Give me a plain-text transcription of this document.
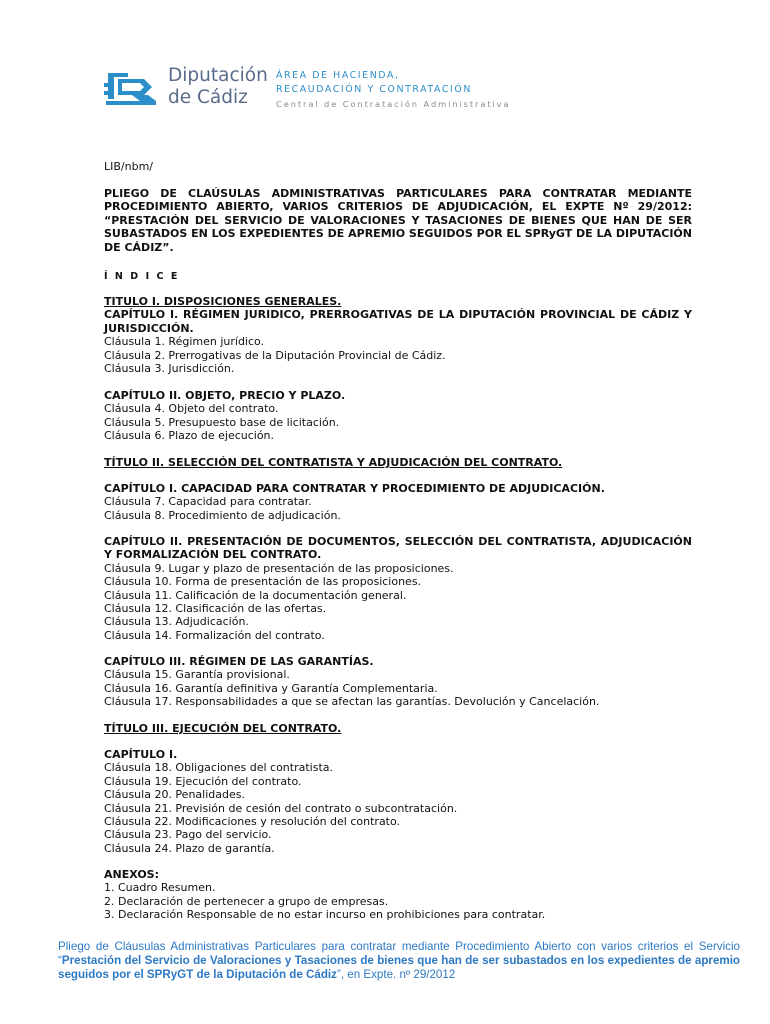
Diputación
de Cádiz
ÁREA DE HACIENDA,
RECAUDACIÓN Y CONTRATACIÓN
Central de Contratación Administrativa
LIB/nbm/
PLIEGO DE CLAÚSULAS ADMINISTRATIVAS PARTICULARES PARA CONTRATAR MEDIANTE PROCEDIMIENTO ABIERTO, VARIOS CRITERIOS DE ADJUDICACIÓN, EL EXPTE Nº 29/2012: “PRESTACIÓN DEL SERVICIO DE VALORACIONES Y TASACIONES DE BIENES QUE HAN DE SER SUBASTADOS EN LOS EXPEDIENTES DE APREMIO SEGUIDOS POR EL SPRyGT DE LA DIPUTACIÓN DE CÁDIZ”.
ÍNDICE
TITULO I. DISPOSICIONES GENERALES.
CAPÍTULO I. RÉGIMEN JURIDICO, PRERROGATIVAS DE LA DIPUTACIÓN PROVINCIAL DE CÁDIZ Y JURISDICCIÓN.
Cláusula 1. Régimen jurídico.
Cláusula 2. Prerrogativas de la Diputación Provincial de Cádiz.
Cláusula 3. Jurisdicción.
CAPÍTULO II. OBJETO, PRECIO Y PLAZO.
Cláusula 4. Objeto del contrato.
Cláusula 5. Presupuesto base de licitación.
Cláusula 6. Plazo de ejecución.
TÍTULO II. SELECCIÓN DEL CONTRATISTA Y ADJUDICACIÓN DEL CONTRATO.
CAPÍTULO I. CAPACIDAD PARA CONTRATAR Y PROCEDIMIENTO DE ADJUDICACIÓN.
Cláusula 7. Capacidad para contratar.
Cláusula 8. Procedimiento de adjudicación.
CAPÍTULO II. PRESENTACIÓN DE DOCUMENTOS, SELECCIÓN DEL CONTRATISTA, ADJUDICACIÓN Y FORMALIZACIÓN DEL CONTRATO.
Cláusula 9. Lugar y plazo de presentación de las proposiciones.
Cláusula 10. Forma de presentación de las proposiciones.
Cláusula 11. Calificación de la documentación general.
Cláusula 12. Clasificación de las ofertas.
Cláusula 13. Adjudicación.
Cláusula 14. Formalización del contrato.
CAPÍTULO III. RÉGIMEN DE LAS GARANTÍAS.
Cláusula 15. Garantía provisional.
Cláusula 16. Garantía definitiva y Garantía Complementaria.
Cláusula 17. Responsabilidades a que se afectan las garantías. Devolución y Cancelación.
TÍTULO III. EJECUCIÓN DEL CONTRATO.
CAPÍTULO I.
Cláusula 18. Obligaciones del contratista.
Cláusula 19. Ejecución del contrato.
Cláusula 20. Penalidades.
Cláusula 21. Previsión de cesión del contrato o subcontratación.
Cláusula 22. Modificaciones y resolución del contrato.
Cláusula 23. Pago del servicio.
Cláusula 24. Plazo de garantía.
ANEXOS:
1. Cuadro Resumen.
2. Declaración de pertenecer a grupo de empresas.
3. Declaración Responsable de no estar incurso en prohibiciones para contratar.
Pliego de Cláusulas Administrativas Particulares para contratar mediante Procedimiento Abierto con varios criterios el Servicio “Prestación del Servicio de Valoraciones y Tasaciones de bienes que han de ser subastados en los expedientes de apremio seguidos por el SPRyGT de la Diputación de Cádiz”, en Expte. nº 29/2012
